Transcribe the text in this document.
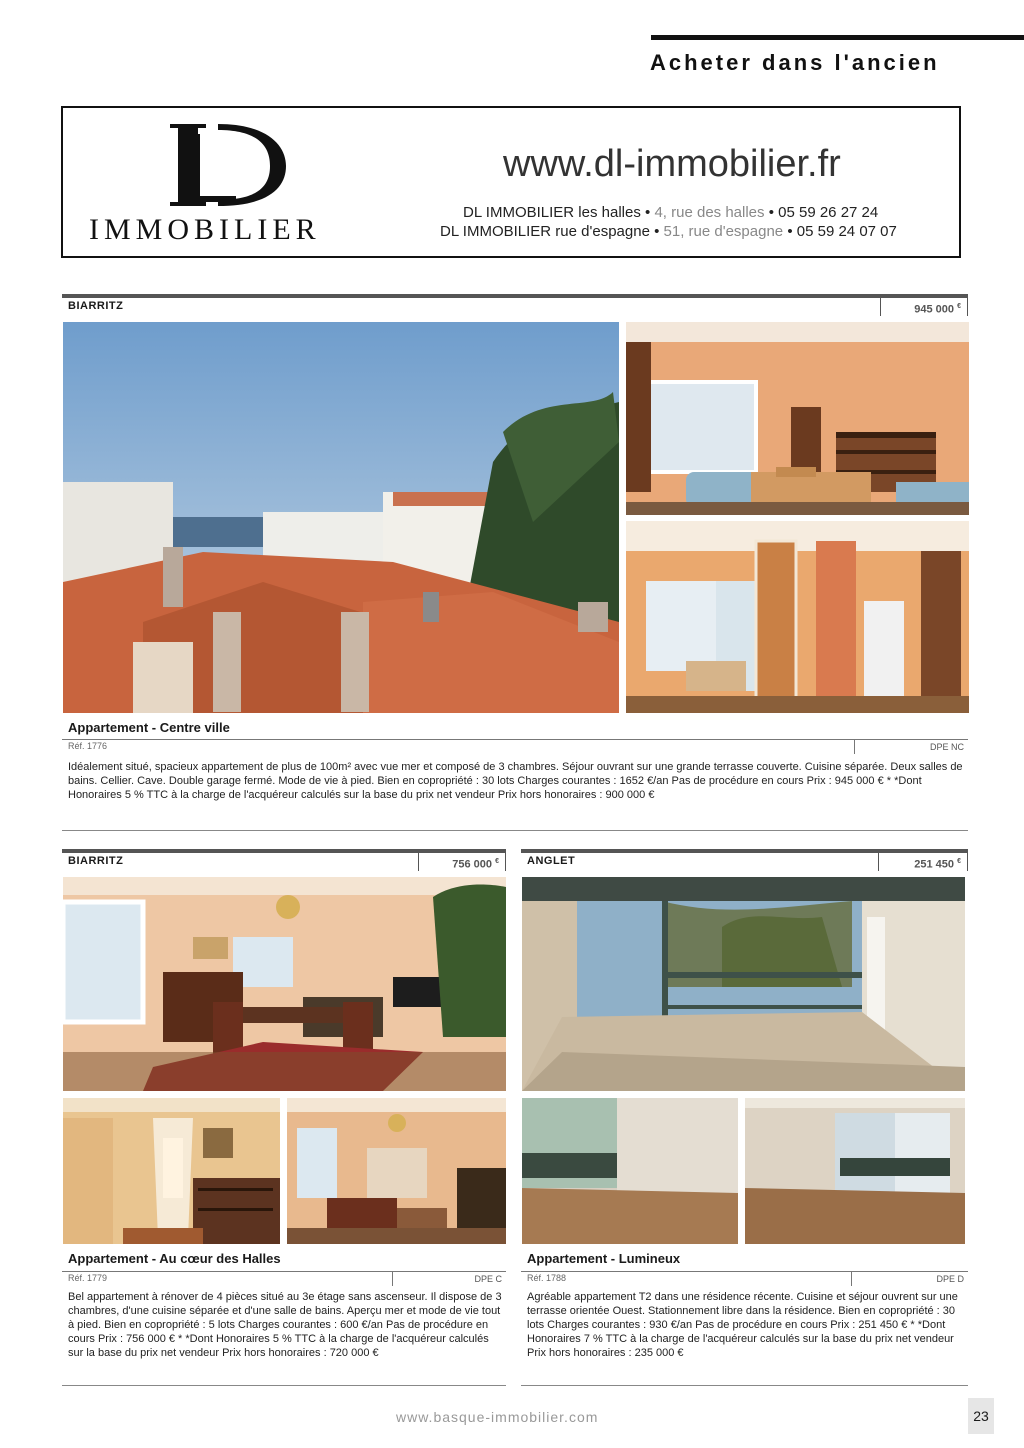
Acheter dans l'ancien
IMMOBILIER
www.dl-immobilier.fr
DL IMMOBILIER les halles • 4, rue des halles • 05 59 26 27 24
DL IMMOBILIER rue d'espagne • 51, rue d'espagne • 05 59 24 07 07
BIARRITZ	945 000 €
Appartement - Centre ville
Réf. 1776	DPE NC
Idéalement situé, spacieux appartement de plus de 100m² avec vue mer et composé de 3 chambres. Séjour ouvrant sur une grande terrasse couverte. Cuisine séparée. Deux salles de bains. Cellier. Cave. Double garage fermé. Mode de vie à pied. Bien en copropriété : 30 lots Charges courantes : 1652 €/an Pas de procédure en cours Prix : 945 000 € * *Dont Honoraires 5 % TTC à la charge de l'acquéreur calculés sur la base du prix net vendeur Prix hors honoraires : 900 000 €
BIARRITZ	756 000 €
Appartement - Au cœur des Halles
Réf. 1779	DPE C
Bel appartement à rénover de 4 pièces situé au 3e étage sans ascenseur. Il dispose de 3 chambres, d'une cuisine séparée et d'une salle de bains. Aperçu mer et mode de vie tout à pied. Bien en copropriété : 5 lots Charges courantes : 600 €/an Pas de procédure en cours Prix : 756 000 € * *Dont Honoraires 5 % TTC à la charge de l'acquéreur calculés sur la base du prix net vendeur Prix hors honoraires : 720 000 €
ANGLET	251 450 €
Appartement - Lumineux
Réf. 1788	DPE D
Agréable appartement T2 dans une résidence récente. Cuisine et séjour ouvrent sur une terrasse orientée Ouest. Stationnement libre dans la résidence. Bien en copropriété : 30 lots Charges courantes : 930 €/an Pas de procédure en cours Prix : 251 450 € * *Dont Honoraires 7 % TTC à la charge de l'acquéreur calculés sur la base du prix net vendeur Prix hors honoraires : 235 000 €
www.basque-immobilier.com	23
